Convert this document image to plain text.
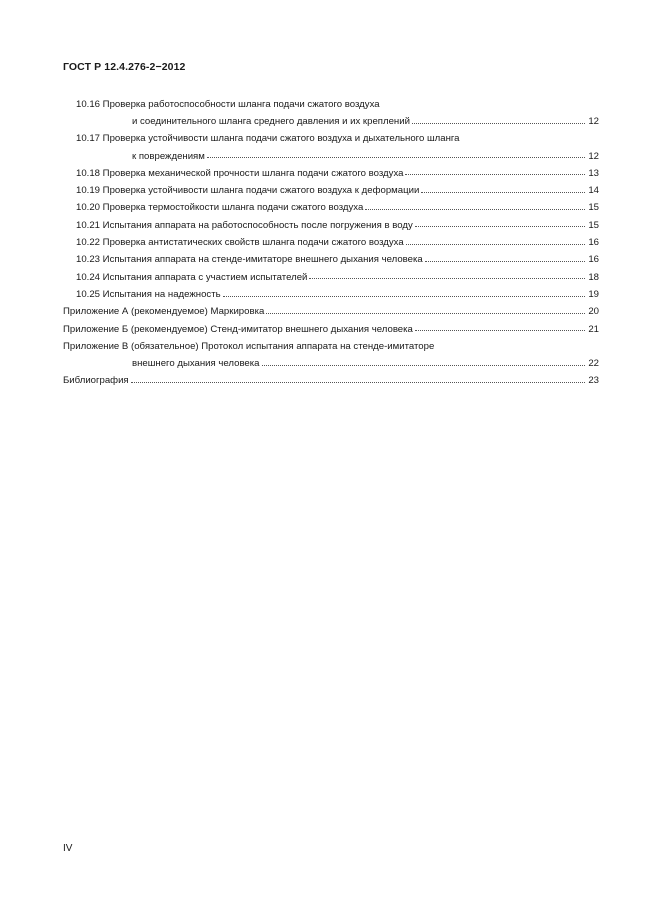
ГОСТ Р 12.4.276-2−2012
10.16 Проверка работоспособности шланга подачи сжатого воздуха
и соединительного шланга среднего давления и их креплений	12
10.17 Проверка устойчивости шланга подачи сжатого воздуха и дыхательного шланга
к повреждениям	12
10.18 Проверка механической прочности шланга подачи сжатого воздуха	13
10.19 Проверка устойчивости шланга подачи сжатого воздуха к деформации	14
10.20 Проверка термостойкости шланга подачи сжатого воздуха	15
10.21 Испытания аппарата на работоспособность после погружения в воду	15
10.22 Проверка антистатических свойств шланга подачи сжатого воздуха	16
10.23 Испытания аппарата на стенде-имитаторе внешнего дыхания человека	16
10.24 Испытания аппарата с участием испытателей	18
10.25 Испытания на надежность	19
Приложение А (рекомендуемое) Маркировка	20
Приложение Б (рекомендуемое) Стенд-имитатор внешнего дыхания человека	21
Приложение В (обязательное) Протокол испытания аппарата на стенде-имитаторе
внешнего дыхания человека	22
Библиография	23
IV
